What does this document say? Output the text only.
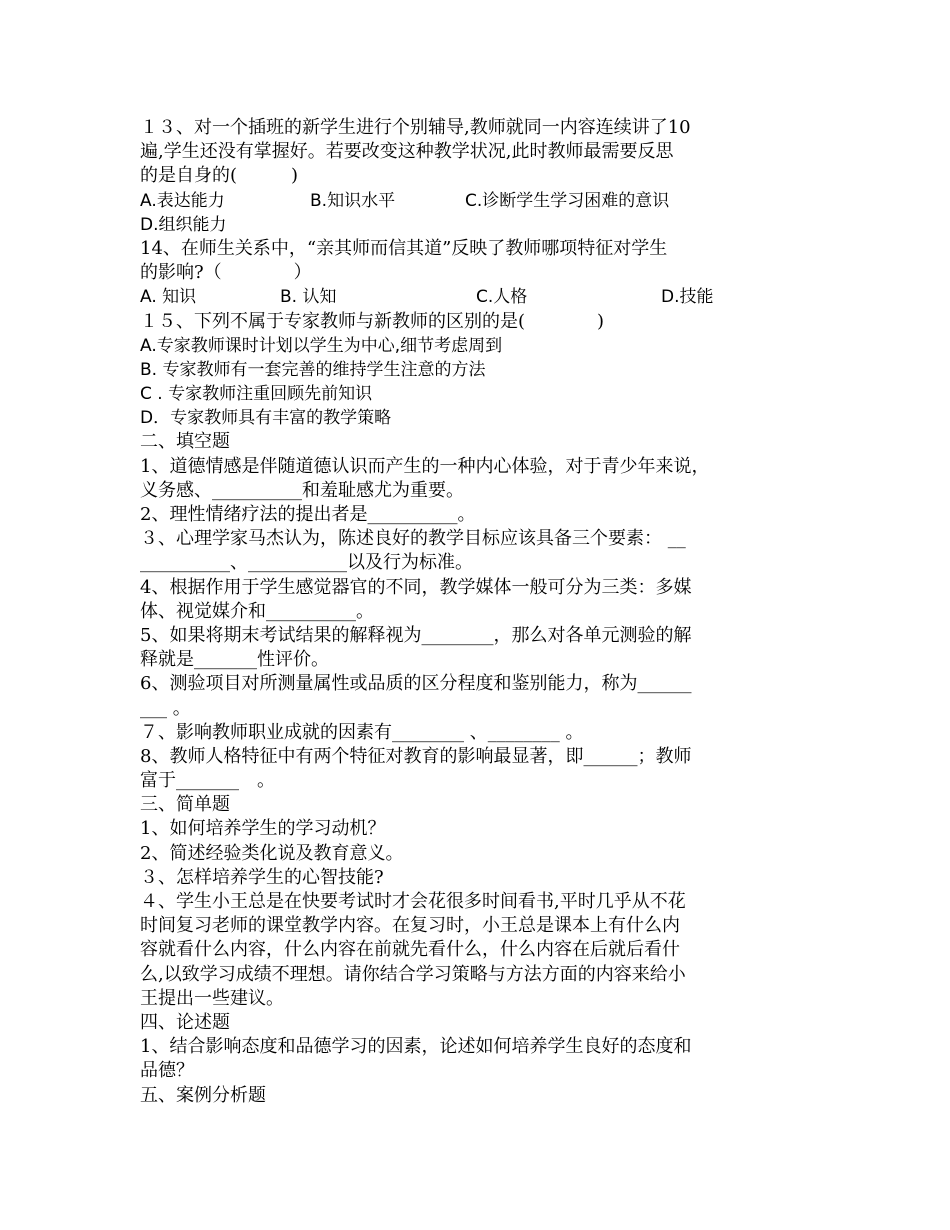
１３、对一个插班的新学生进行个别辅导,教师就同一内容连续讲了10
遍,学生还没有掌握好。若要改变这种教学状况,此时教师最需要反思
的是自身的(　　　)
A.表达能力	B.知识水平	C.诊断学生学习困难的意识
D.组织能力
14、在师生关系中，“亲其师而信其道”反映了教师哪项特征对学生
的影响?（　　　　）
A. 知识	B. 认知	C.人格	D.技能
１５、下列不属于专家教师与新教师的区别的是(　　　　)
A.专家教师课时计划以学生为中心,细节考虑周到
B. 专家教师有一套完善的维持学生注意的方法
C . 专家教师注重回顾先前知识
D．专家教师具有丰富的教学策略
二、填空题
1、道德情感是伴随道德认识而产生的一种内心体验，对于青少年来说，
义务感、__________和羞耻感尤为重要。
2、理性情绪疗法的提出者是__________。
３、心理学家马杰认为，陈述良好的教学目标应该具备三个要素： __
__________、___________以及行为标准。
4、根据作用于学生感觉器官的不同，教学媒体一般可分为三类：多媒
体、视觉媒介和__________。
5、如果将期末考试结果的解释视为________，那么对各单元测验的解
释就是_______性评价。
6、测验项目对所测量属性或品质的区分程度和鉴别能力，称为______
___ 。
７、影响教师职业成就的因素有________ 、________ 。
8、教师人格特征中有两个特征对教育的影响最显著，即______；教师
富于_______　。
三、简单题
1、如何培养学生的学习动机？
2、简述经验类化说及教育意义。
３、怎样培养学生的心智技能?
４、学生小王总是在快要考试时才会花很多时间看书,平时几乎从不花
时间复习老师的课堂教学内容。在复习时，小王总是课本上有什么内
容就看什么内容，什么内容在前就先看什么，什么内容在后就后看什
么,以致学习成绩不理想。请你结合学习策略与方法方面的内容来给小
王提出一些建议。
四、论述题
1、结合影响态度和品德学习的因素，论述如何培养学生良好的态度和
品德？
五、案例分析题
